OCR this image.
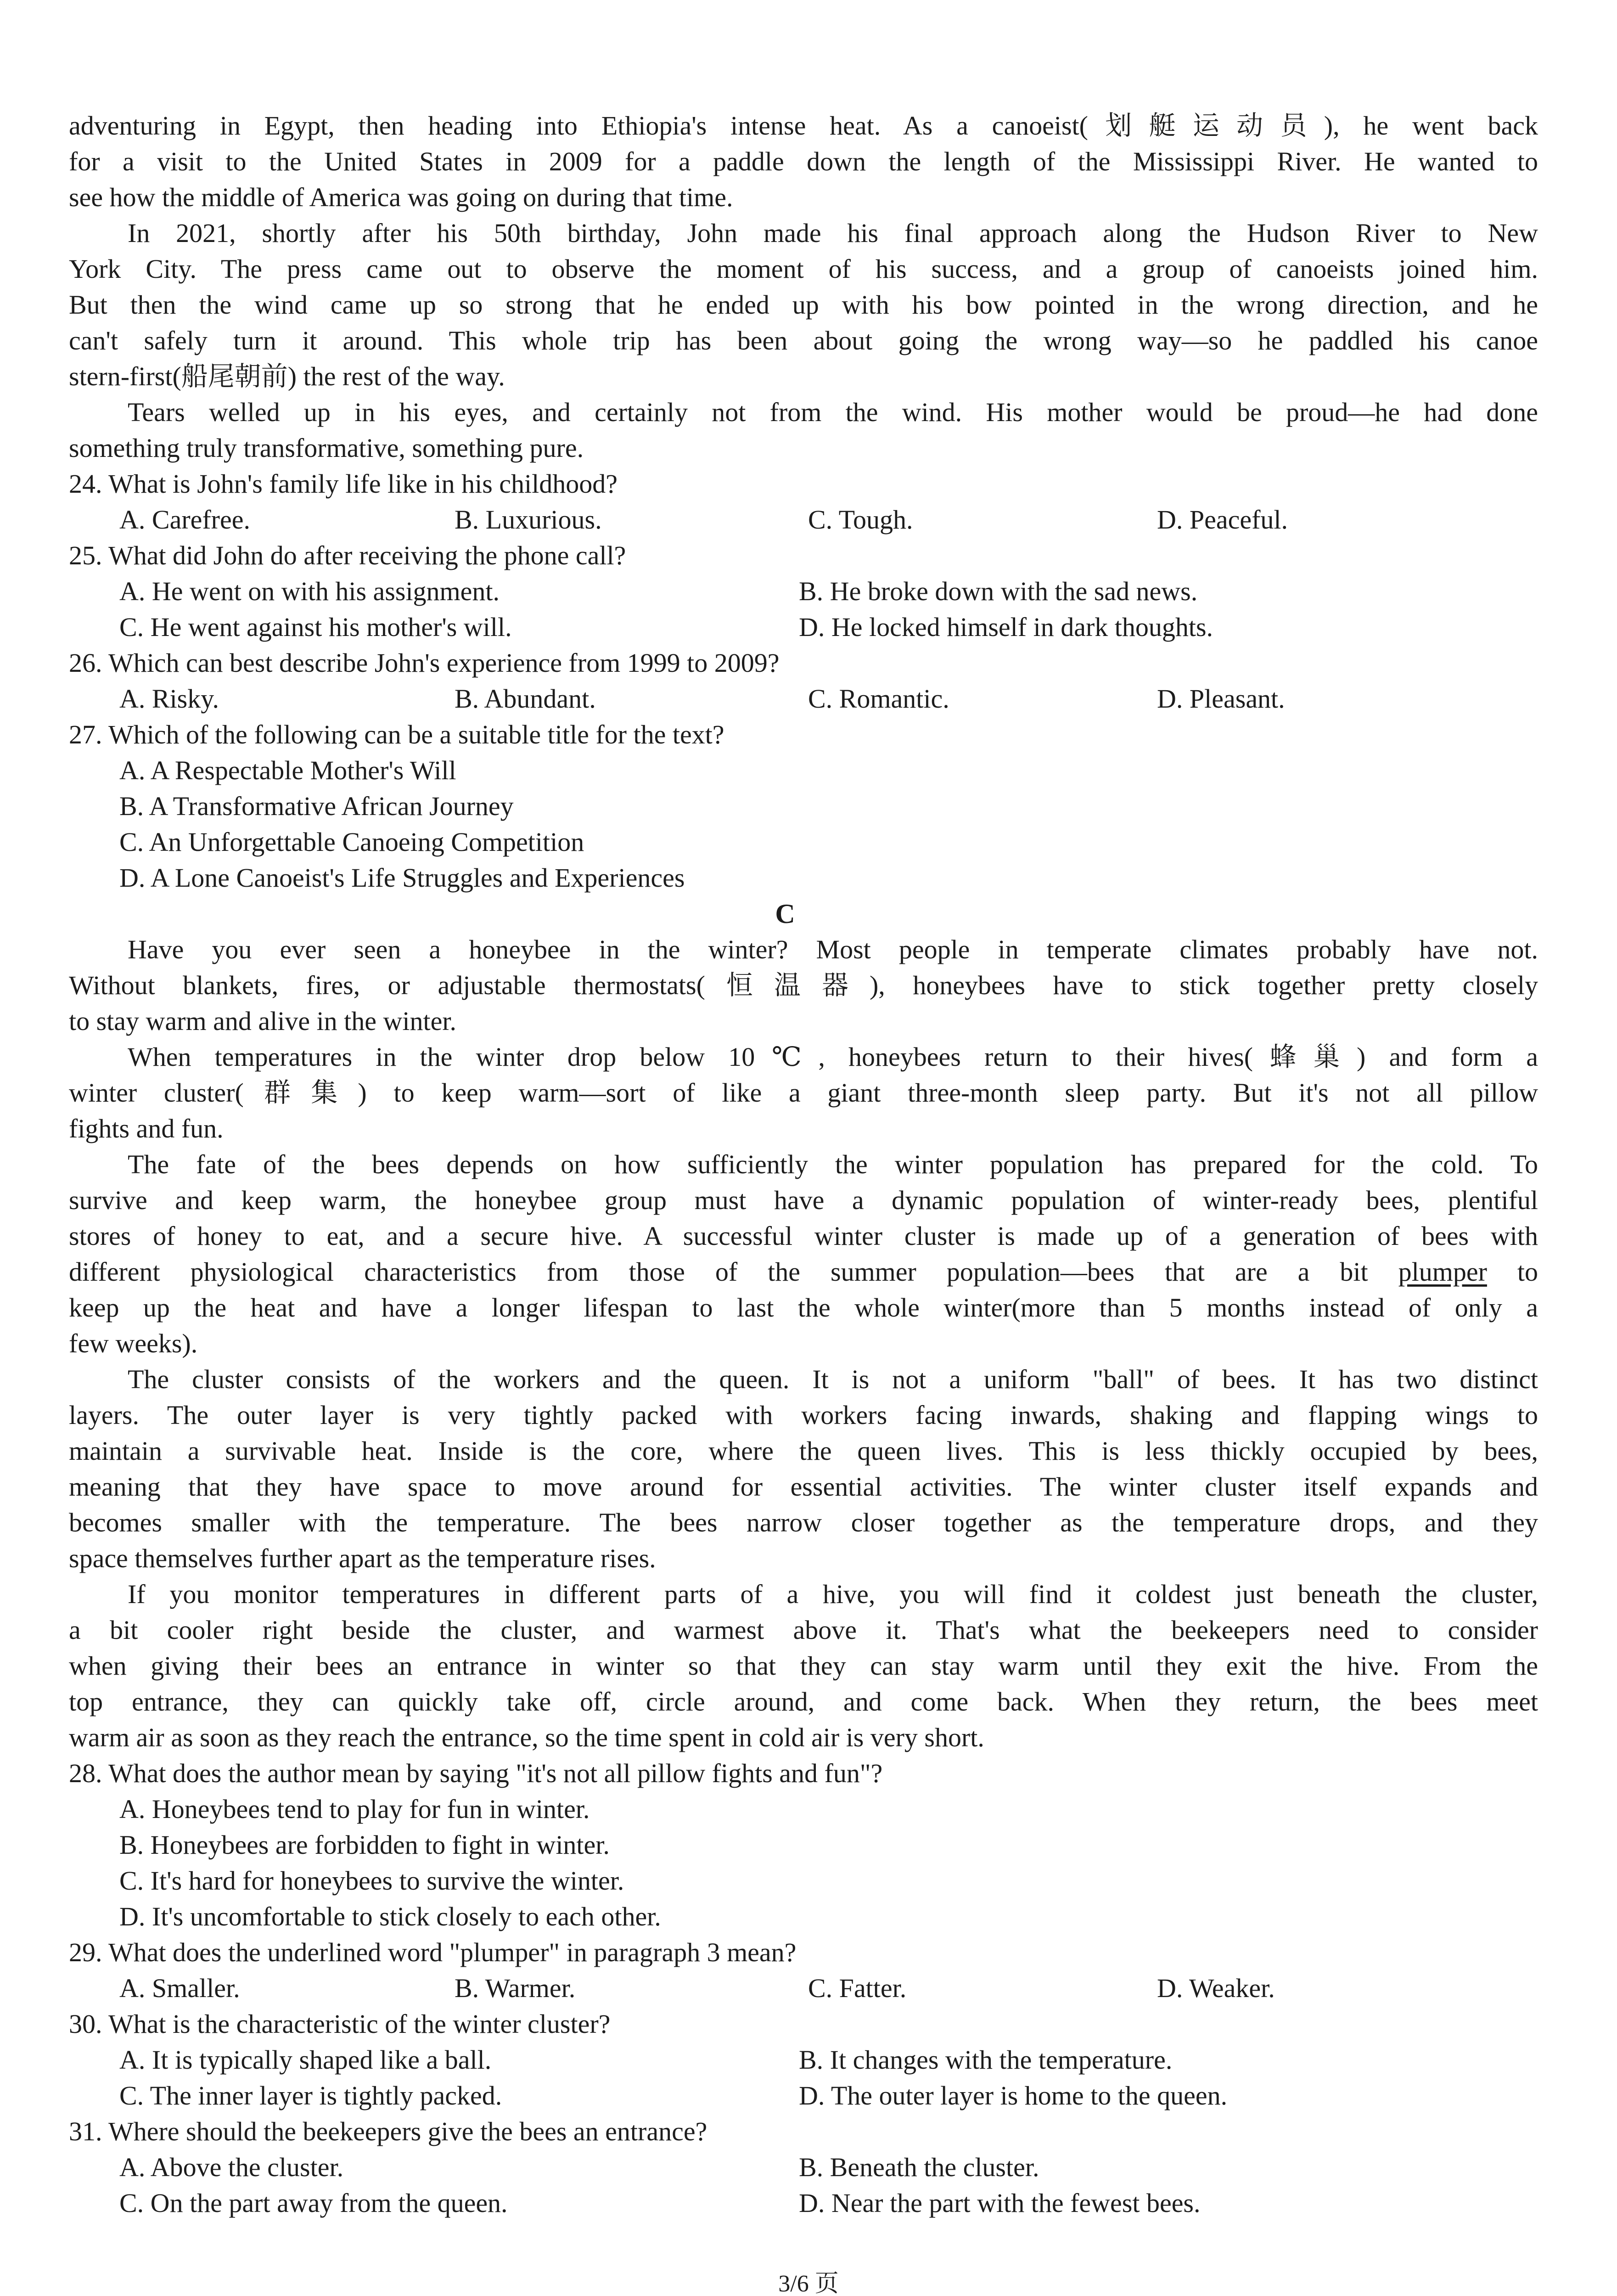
adventuring in Egypt, then heading into Ethiopia's intense heat. As a canoeist(划艇运动员), he went back
for a visit to the United States in 2009 for a paddle down the length of the Mississippi River. He wanted to
see how the middle of America was going on during that time.
In 2021, shortly after his 50th birthday, John made his final approach along the Hudson River to New
York City. The press came out to observe the moment of his success, and a group of canoeists joined him.
But then the wind came up so strong that he ended up with his bow pointed in the wrong direction, and he
can't safely turn it around. This whole trip has been about going the wrong way—so he paddled his canoe
stern-first(船尾朝前) the rest of the way.
Tears welled up in his eyes, and certainly not from the wind. His mother would be proud—he had done
something truly transformative, something pure.
24. What is John's family life like in his childhood?
A. Carefree.	B. Luxurious.	C. Tough.	D. Peaceful.
25. What did John do after receiving the phone call?
A. He went on with his assignment.	B. He broke down with the sad news.
C. He went against his mother's will.	D. He locked himself in dark thoughts.
26. Which can best describe John's experience from 1999 to 2009?
A. Risky.	B. Abundant.	C. Romantic.	D. Pleasant.
27. Which of the following can be a suitable title for the text?
A. A Respectable Mother's Will
B. A Transformative African Journey
C. An Unforgettable Canoeing Competition
D. A Lone Canoeist's Life Struggles and Experiences
C
Have you ever seen a honeybee in the winter? Most people in temperate climates probably have not.
Without blankets, fires, or adjustable thermostats(恒温器), honeybees have to stick together pretty closely
to stay warm and alive in the winter.
When temperatures in the winter drop below 10℃, honeybees return to their hives(蜂巢) and form a
winter cluster(群集) to keep warm—sort of like a giant three-month sleep party. But it's not all pillow
fights and fun.
The fate of the bees depends on how sufficiently the winter population has prepared for the cold. To
survive and keep warm, the honeybee group must have a dynamic population of winter-ready bees, plentiful
stores of honey to eat, and a secure hive. A successful winter cluster is made up of a generation of bees with
different physiological characteristics from those of the summer population—bees that are a bit plumper to
keep up the heat and have a longer lifespan to last the whole winter(more than 5 months instead of only a
few weeks).
The cluster consists of the workers and the queen. It is not a uniform "ball" of bees. It has two distinct
layers. The outer layer is very tightly packed with workers facing inwards, shaking and flapping wings to
maintain a survivable heat. Inside is the core, where the queen lives. This is less thickly occupied by bees,
meaning that they have space to move around for essential activities. The winter cluster itself expands and
becomes smaller with the temperature. The bees narrow closer together as the temperature drops, and they
space themselves further apart as the temperature rises.
If you monitor temperatures in different parts of a hive, you will find it coldest just beneath the cluster,
a bit cooler right beside the cluster, and warmest above it. That's what the beekeepers need to consider
when giving their bees an entrance in winter so that they can stay warm until they exit the hive. From the
top entrance, they can quickly take off, circle around, and come back. When they return, the bees meet
warm air as soon as they reach the entrance, so the time spent in cold air is very short.
28. What does the author mean by saying "it's not all pillow fights and fun"?
A. Honeybees tend to play for fun in winter.
B. Honeybees are forbidden to fight in winter.
C. It's hard for honeybees to survive the winter.
D. It's uncomfortable to stick closely to each other.
29. What does the underlined word "plumper" in paragraph 3 mean?
A. Smaller.	B. Warmer.	C. Fatter.	D. Weaker.
30. What is the characteristic of the winter cluster?
A. It is typically shaped like a ball.	B. It changes with the temperature.
C. The inner layer is tightly packed.	D. The outer layer is home to the queen.
31. Where should the beekeepers give the bees an entrance?
A. Above the cluster.	B. Beneath the cluster.
C. On the part away from the queen.	D. Near the part with the fewest bees.
3/6 页
